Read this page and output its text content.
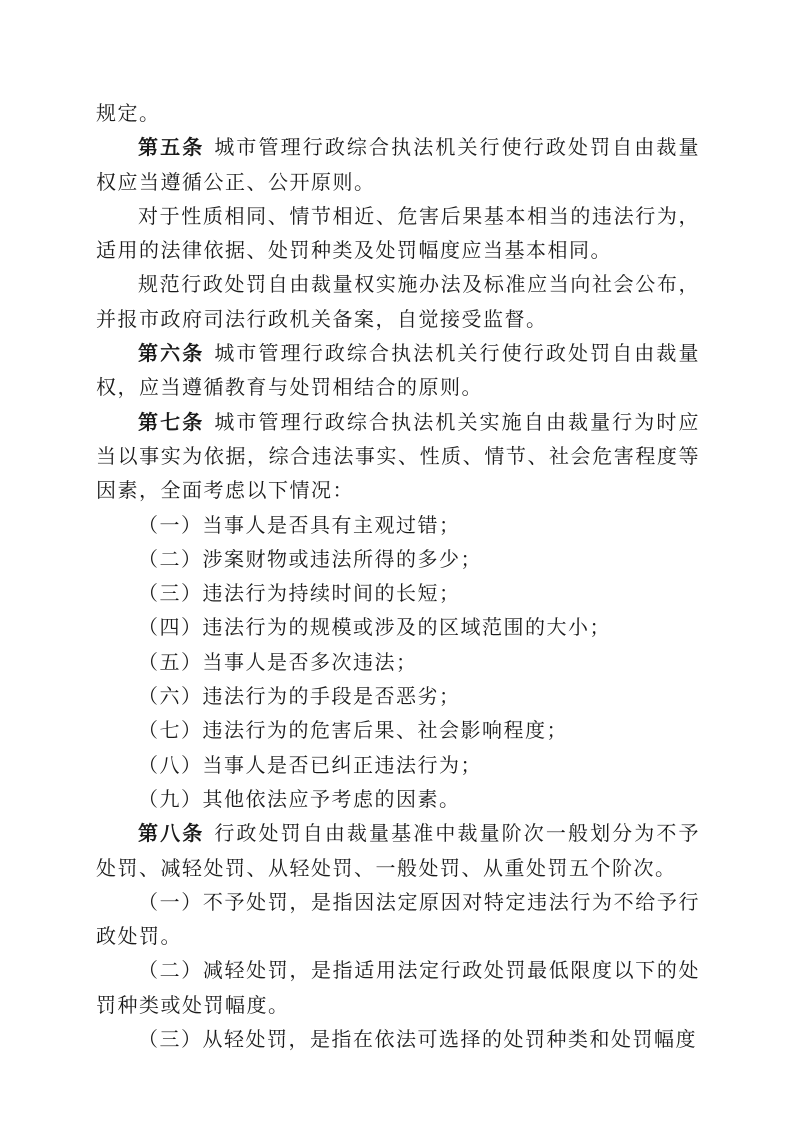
规定。

第五条 城市管理行政综合执法机关行使行政处罚自由裁量权应当遵循公正、公开原则。

对于性质相同、情节相近、危害后果基本相当的违法行为，适用的法律依据、处罚种类及处罚幅度应当基本相同。

规范行政处罚自由裁量权实施办法及标准应当向社会公布，并报市政府司法行政机关备案，自觉接受监督。

第六条 城市管理行政综合执法机关行使行政处罚自由裁量权，应当遵循教育与处罚相结合的原则。

第七条 城市管理行政综合执法机关实施自由裁量行为时应当以事实为依据，综合违法事实、性质、情节、社会危害程度等因素，全面考虑以下情况：

（一）当事人是否具有主观过错；

（二）涉案财物或违法所得的多少；

（三）违法行为持续时间的长短；

（四）违法行为的规模或涉及的区域范围的大小；

（五）当事人是否多次违法；

（六）违法行为的手段是否恶劣；

（七）违法行为的危害后果、社会影响程度；

（八）当事人是否已纠正违法行为；

（九）其他依法应予考虑的因素。

第八条 行政处罚自由裁量基准中裁量阶次一般划分为不予处罚、减轻处罚、从轻处罚、一般处罚、从重处罚五个阶次。

（一）不予处罚，是指因法定原因对特定违法行为不给予行政处罚。

（二）减轻处罚，是指适用法定行政处罚最低限度以下的处罚种类或处罚幅度。

（三）从轻处罚，是指在依法可选择的处罚种类和处罚幅度
